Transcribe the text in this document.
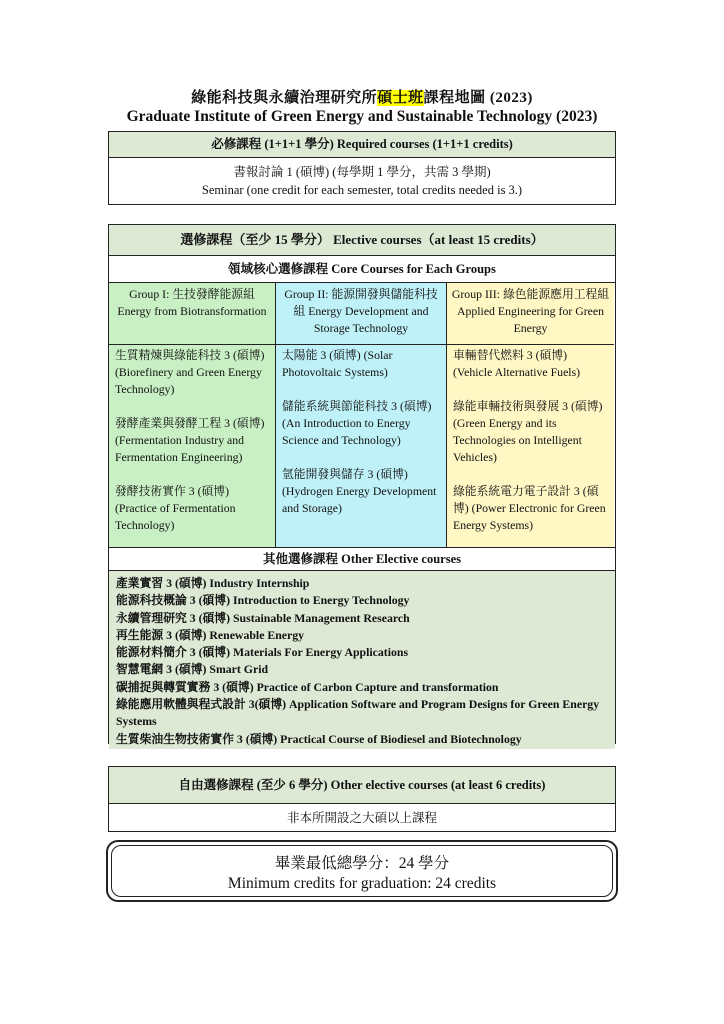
綠能科技與永續治理研究所碩士班課程地圖 (2023)
Graduate Institute of Green Energy and Sustainable Technology (2023)
必修課程 (1+1+1 學分) Required courses (1+1+1 credits)
書報討論 1 (碩博) (每學期 1 學分，共需 3 學期)
Seminar (one credit for each semester, total credits needed is 3.)
選修課程（至少 15 學分） Elective courses（at least 15 credits）
領域核心選修課程 Core Courses for Each Groups
Group I: 生技發酵能源組 Energy from Biotransformation

生質精煉與綠能科技 3 (碩博) (Biorefinery and Green Energy Technology)

發酵產業與發酵工程 3 (碩博) (Fermentation Industry and Fermentation Engineering)

發酵技術實作 3 (碩博) (Practice of Fermentation Technology)

Group II: 能源開發與儲能科技組 Energy Development and Storage Technology

太陽能 3 (碩博) (Solar Photovoltaic Systems)

儲能系統與節能科技 3 (碩博) (An Introduction to Energy Science and Technology)

氫能開發與儲存 3 (碩博) (Hydrogen Energy Development and Storage)

Group III: 綠色能源應用工程組 Applied Engineering for Green Energy

車輛替代燃料 3 (碩博) (Vehicle Alternative Fuels)

綠能車輛技術與發展 3 (碩博) (Green Energy and its Technologies on Intelligent Vehicles)

綠能系統電力電子設計 3 (碩博) (Power Electronic for Green Energy Systems)

其他選修課程 Other Elective courses
產業實習 3 (碩博) Industry Internship
能源科技概論 3 (碩博) Introduction to Energy Technology
永續管理研究 3 (碩博) Sustainable Management Research
再生能源 3 (碩博) Renewable Energy
能源材料簡介 3 (碩博) Materials For Energy Applications
智慧電網 3 (碩博) Smart Grid
碳捕捉與轉質實務 3 (碩博) Practice of Carbon Capture and transformation
綠能應用軟體與程式設計 3(碩博) Application Software and Program Designs for Green Energy Systems
生質柴油生物技術實作 3 (碩博) Practical Course of Biodiesel and Biotechnology
自由選修課程 (至少 6 學分) Other elective courses (at least 6 credits)
非本所開設之大碩以上課程
畢業最低總學分：24 學分
Minimum credits for graduation: 24 credits
